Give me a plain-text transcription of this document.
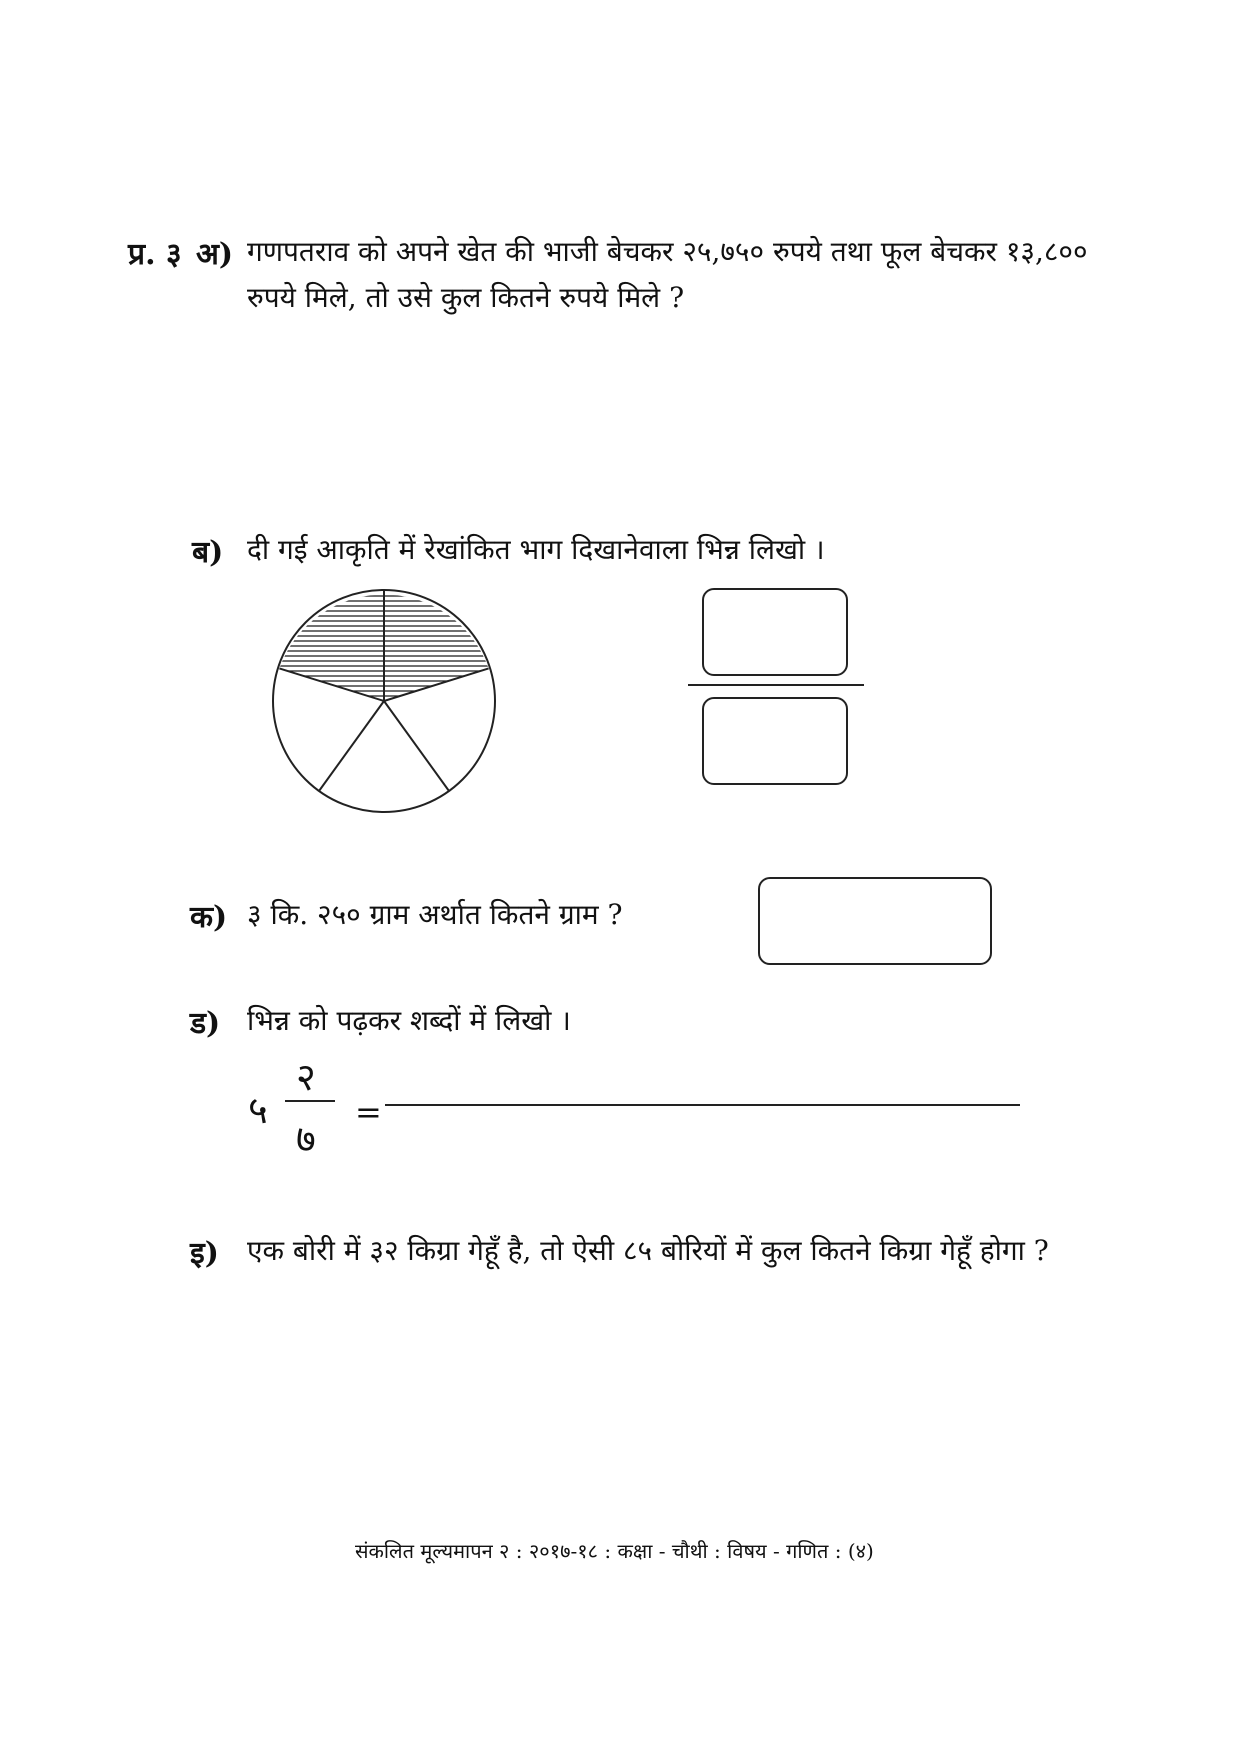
प्र. ३ अ) गणपतराव को अपने खेत की भाजी बेचकर २५,७५० रुपये तथा फूल बेचकर १३,८००
रुपये मिले, तो उसे कुल कितने रुपये मिले ?
ब) दी गई आकृति में रेखांकित भाग दिखानेवाला भिन्न लिखो ।
क) ३ कि. २५० ग्राम अर्थात कितने ग्राम ?
ड) भिन्न को पढ़कर शब्दों में लिखो ।
५
२
७
=
इ) एक बोरी में ३२ किग्रा गेहूँ है, तो ऐसी ८५ बोरियों में कुल कितने किग्रा गेहूँ होगा ?
संकलित मूल्यमापन २ : २०१७-१८ : कक्षा - चौथी : विषय - गणित : (४)
